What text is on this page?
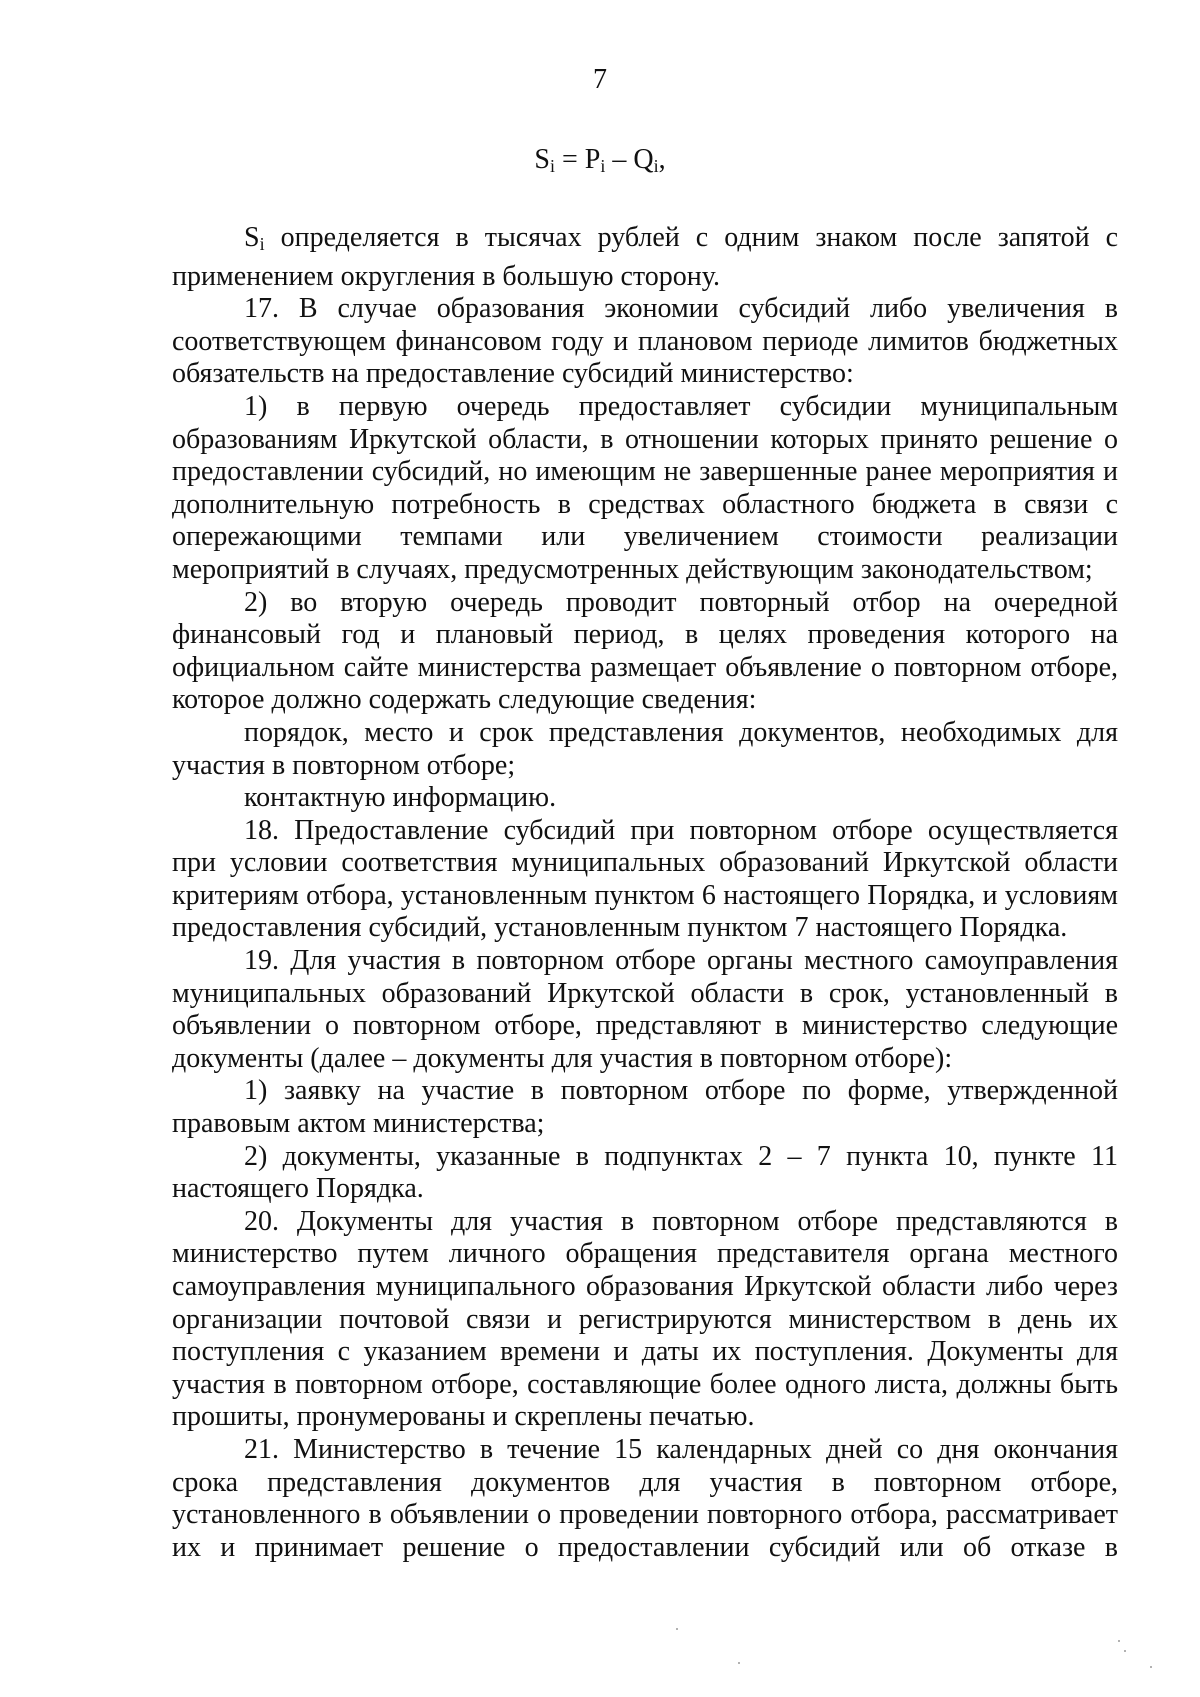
7
$S_i = P_i - Q_i$,

$S_i$ определяется в тысячах рублей с одним знаком после запятой с применением округления в большую сторону.

17. В случае образования экономии субсидий либо увеличения в соответствующем финансовом году и плановом периоде лимитов бюджетных обязательств на предоставление субсидий министерство:

1) в первую очередь предоставляет субсидии муниципальным образованиям Иркутской области, в отношении которых принято решение о предоставлении субсидий, но имеющим не завершенные ранее мероприятия и дополнительную потребность в средствах областного бюджета в связи с опережающими темпами или увеличением стоимости реализации мероприятий в случаях, предусмотренных действующим законодательством;

2) во вторую очередь проводит повторный отбор на очередной финансовый год и плановый период, в целях проведения которого на официальном сайте министерства размещает объявление о повторном отборе, которое должно содержать следующие сведения:

порядок, место и срок представления документов, необходимых для участия в повторном отборе;

контактную информацию.

18. Предоставление субсидий при повторном отборе осуществляется при условии соответствия муниципальных образований Иркутской области критериям отбора, установленным пунктом 6 настоящего Порядка, и условиям предоставления субсидий, установленным пунктом 7 настоящего Порядка.

19. Для участия в повторном отборе органы местного самоуправления муниципальных образований Иркутской области в срок, установленный в объявлении о повторном отборе, представляют в министерство следующие документы (далее – документы для участия в повторном отборе):

1) заявку на участие в повторном отборе по форме, утвержденной правовым актом министерства;

2) документы, указанные в подпунктах 2 – 7 пункта 10, пункте 11 настоящего Порядка.

20. Документы для участия в повторном отборе представляются в министерство путем личного обращения представителя органа местного самоуправления муниципального образования Иркутской области либо через организации почтовой связи и регистрируются министерством в день их поступления с указанием времени и даты их поступления. Документы для участия в повторном отборе, составляющие более одного листа, должны быть прошиты, пронумерованы и скреплены печатью.

21. Министерство в течение 15 календарных дней со дня окончания срока представления документов для участия в повторном отборе, установленного в объявлении о проведении повторного отбора, рассматривает их и принимает решение о предоставлении субсидий или об отказе в
